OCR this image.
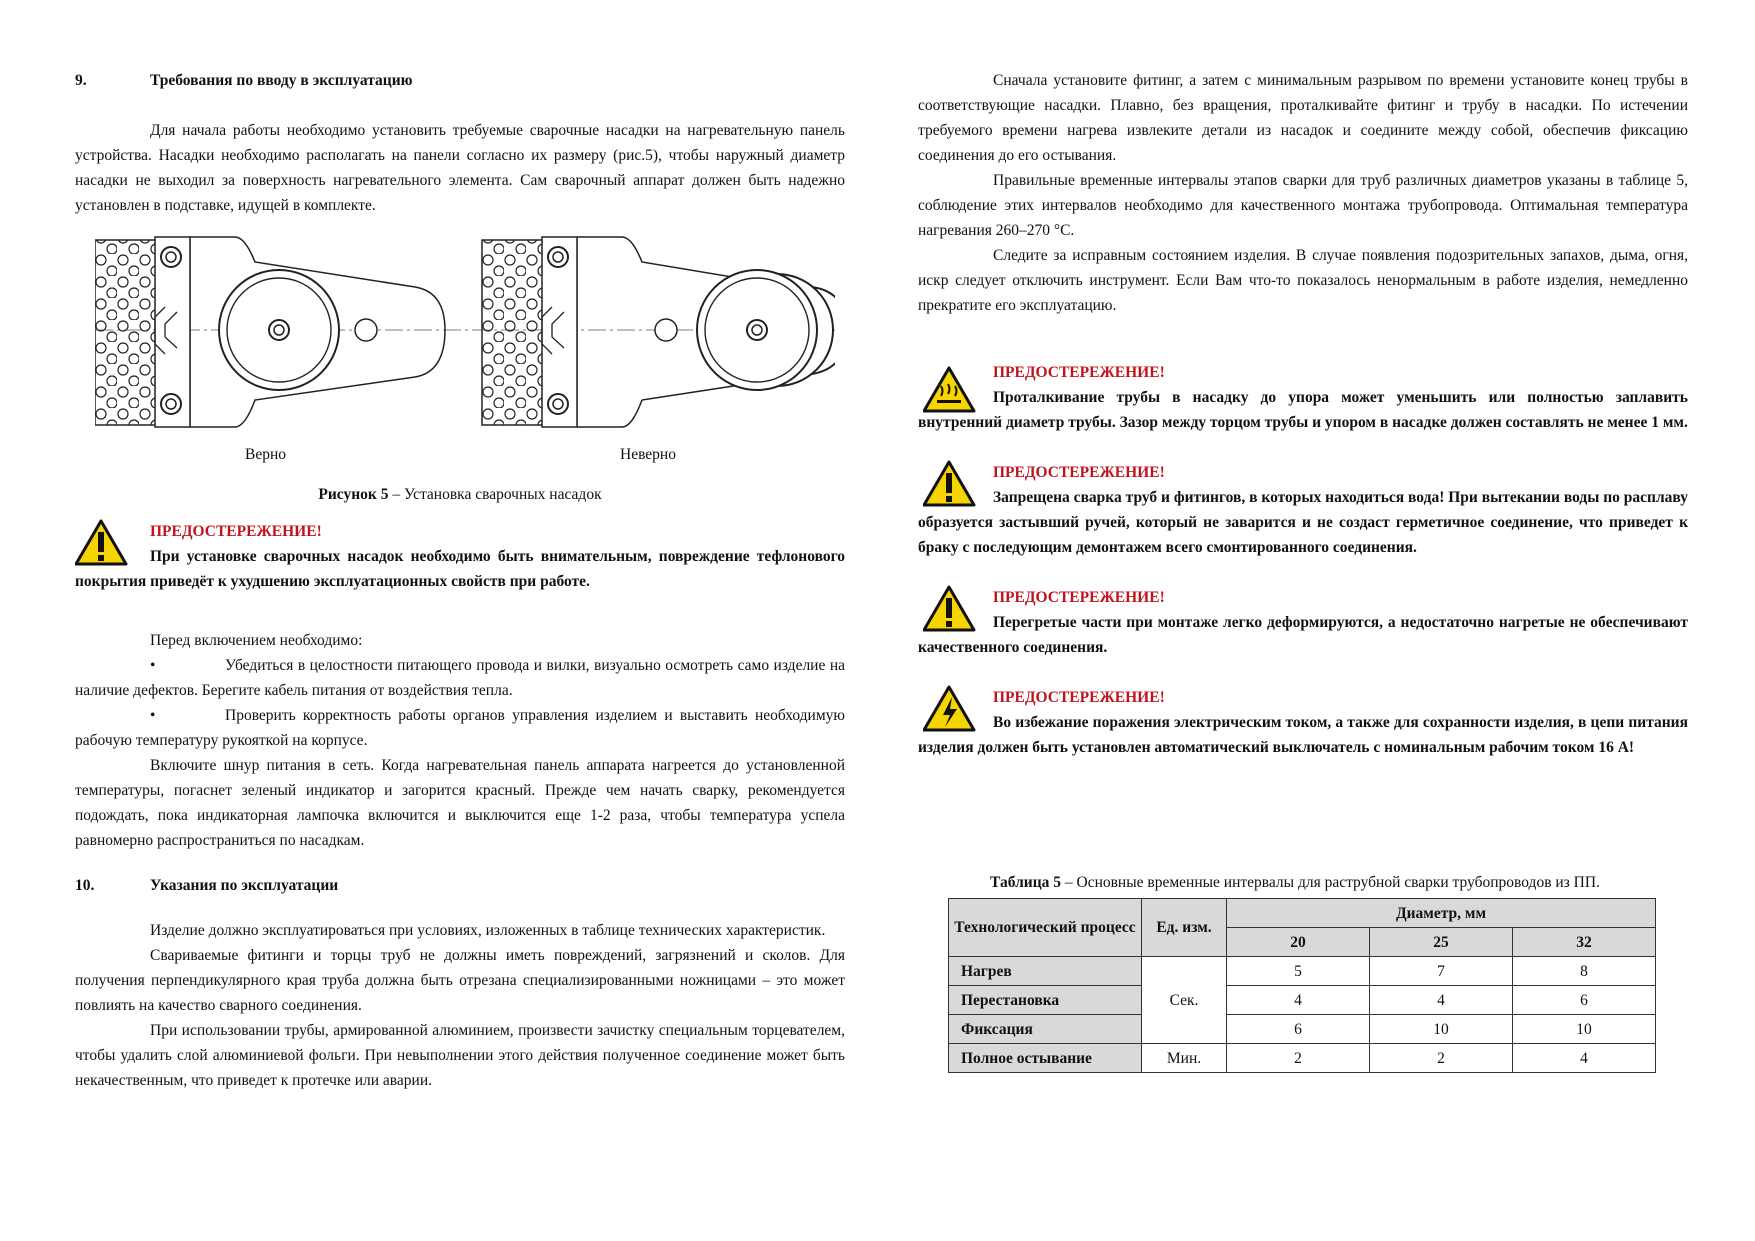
9.	Требования по вводу в эксплуатацию

Для начала работы необходимо установить требуемые сварочные насадки на нагревательную панель устройства. Насадки необходимо располагать на панели согласно их размеру (рис.5), чтобы наружный диаметр насадки не выходил за поверхность нагревательного элемента. Сам сварочный аппарат должен быть надежно установлен в подставке, идущей в комплекте.

Верно	Неверно

Рисунок 5 – Установка сварочных насадок

ПРЕДОСТЕРЕЖЕНИЕ!

При установке сварочных насадок необходимо быть внимательным, повреждение тефлонового покрытия приведёт к ухудшению эксплуатационных свойств при работе.

Перед включением необходимо:

•	Убедиться в целостности питающего провода и вилки, визуально осмотреть само изделие на наличие дефектов. Берегите кабель питания от воздействия тепла.

•	Проверить корректность работы органов управления изделием и выставить необходимую рабочую температуру рукояткой на корпусе.

Включите шнур питания в сеть. Когда нагревательная панель аппарата нагреется до установленной температуры, погаснет зеленый индикатор и загорится красный. Прежде чем начать сварку, рекомендуется подождать, пока индикаторная лампочка включится и выключится еще 1-2 раза, чтобы температура успела равномерно распространиться по насадкам.

10.	Указания по эксплуатации

Изделие должно эксплуатироваться при условиях, изложенных в таблице технических характеристик.

Свариваемые фитинги и торцы труб не должны иметь повреждений, загрязнений и сколов. Для получения перпендикулярного края труба должна быть отрезана специализированными ножницами – это может повлиять на качество сварного соединения.

При использовании трубы, армированной алюминием, произвести зачистку специальным торцевателем, чтобы удалить слой алюминиевой фольги. При невыполнении этого действия полученное соединение может быть некачественным, что приведет к протечке или аварии.

Сначала установите фитинг, а затем с минимальным разрывом по времени установите конец трубы в соответствующие насадки. Плавно, без вращения, проталкивайте фитинг и трубу в насадки. По истечении требуемого времени нагрева извлеките детали из насадок и соедините между собой, обеспечив фиксацию соединения до его остывания.

Правильные временные интервалы этапов сварки для труб различных диаметров указаны в таблице 5, соблюдение этих интервалов необходимо для качественного монтажа трубопровода. Оптимальная температура нагревания 260–270 °С.

Следите за исправным состоянием изделия. В случае появления подозрительных запахов, дыма, огня, искр следует отключить инструмент. Если Вам что-то показалось ненормальным в работе изделия, немедленно прекратите его эксплуатацию.

ПРЕДОСТЕРЕЖЕНИЕ!

Проталкивание трубы в насадку до упора может уменьшить или полностью заплавить внутренний диаметр трубы. Зазор между торцом трубы и упором в насадке должен составлять не менее 1 мм.

ПРЕДОСТЕРЕЖЕНИЕ!

Запрещена сварка труб и фитингов, в которых находиться вода! При вытекании воды по расплаву образуется застывший ручей, который не заварится и не создаст герметичное соединение, что приведет к браку с последующим демонтажем всего смонтированного соединения.

ПРЕДОСТЕРЕЖЕНИЕ!

Перегретые части при монтаже легко деформируются, а недостаточно нагретые не обеспечивают качественного соединения.

ПРЕДОСТЕРЕЖЕНИЕ!

Во избежание поражения электрическим током, а также для сохранности изделия, в цепи питания изделия должен быть установлен автоматический выключатель с номинальным рабочим током 16 А!

Таблица 5 – Основные временные интервалы для раструбной сварки трубопроводов из ПП.
Технологический процесс	Ед. изм.	Диаметр, мм		
		20	25	32
Нагрев	Сек.	5	7	8
Перестановка		4	4	6
Фиксация		6	10	10
Полное остывание	Мин.	2	2	4
